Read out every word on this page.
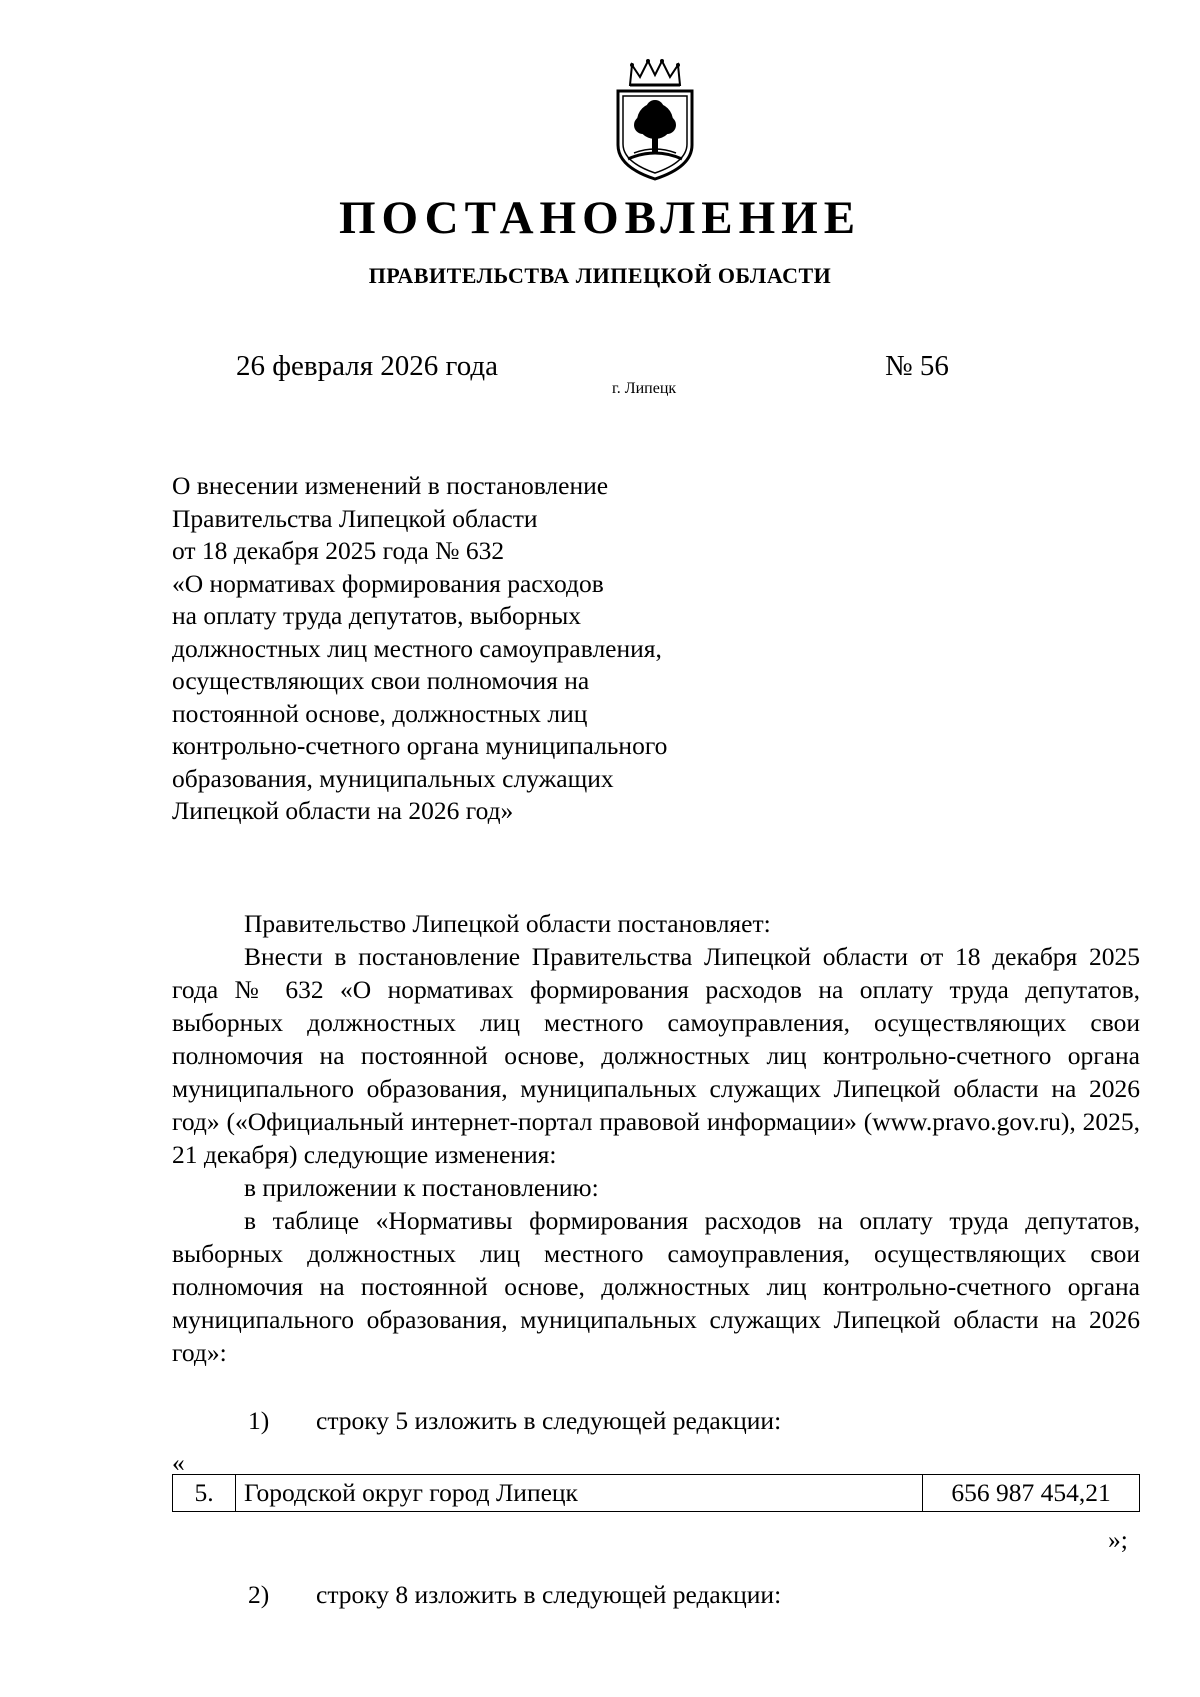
ПОСТАНОВЛЕНИЕ
ПРАВИТЕЛЬСТВА ЛИПЕЦКОЙ ОБЛАСТИ
26 февраля 2026 года
г. Липецк
№ 56
О внесении изменений в постановление
Правительства Липецкой области
от 18 декабря 2025 года № 632
«О нормативах формирования расходов
на оплату труда депутатов, выборных
должностных лиц местного самоуправления,
осуществляющих свои полномочия на
постоянной основе, должностных лиц
контрольно-счетного органа муниципального
образования, муниципальных служащих
Липецкой области на 2026 год»

Правительство Липецкой области постановляет:

Внести в постановление Правительства Липецкой области от 18 декабря 2025 года № 632 «О нормативах формирования расходов на оплату труда депутатов, выборных должностных лиц местного самоуправления, осуществляющих свои полномочия на постоянной основе, должностных лиц контрольно-счетного органа муниципального образования, муниципальных служащих Липецкой области на 2026 год» («Официальный интернет-портал правовой информации» (www.pravo.gov.ru), 2025, 21 декабря) следующие изменения:

в приложении к постановлению:

в таблице «Нормативы формирования расходов на оплату труда депутатов, выборных должностных лиц местного самоуправления, осуществляющих свои полномочия на постоянной основе, должностных лиц контрольно-счетного органа муниципального образования, муниципальных служащих Липецкой области на 2026 год»:

1) строку 5 изложить в следующей редакции:
«
5.	Городской округ город Липецк	656 987 454,21
»;
2) строку 8 изложить в следующей редакции:
